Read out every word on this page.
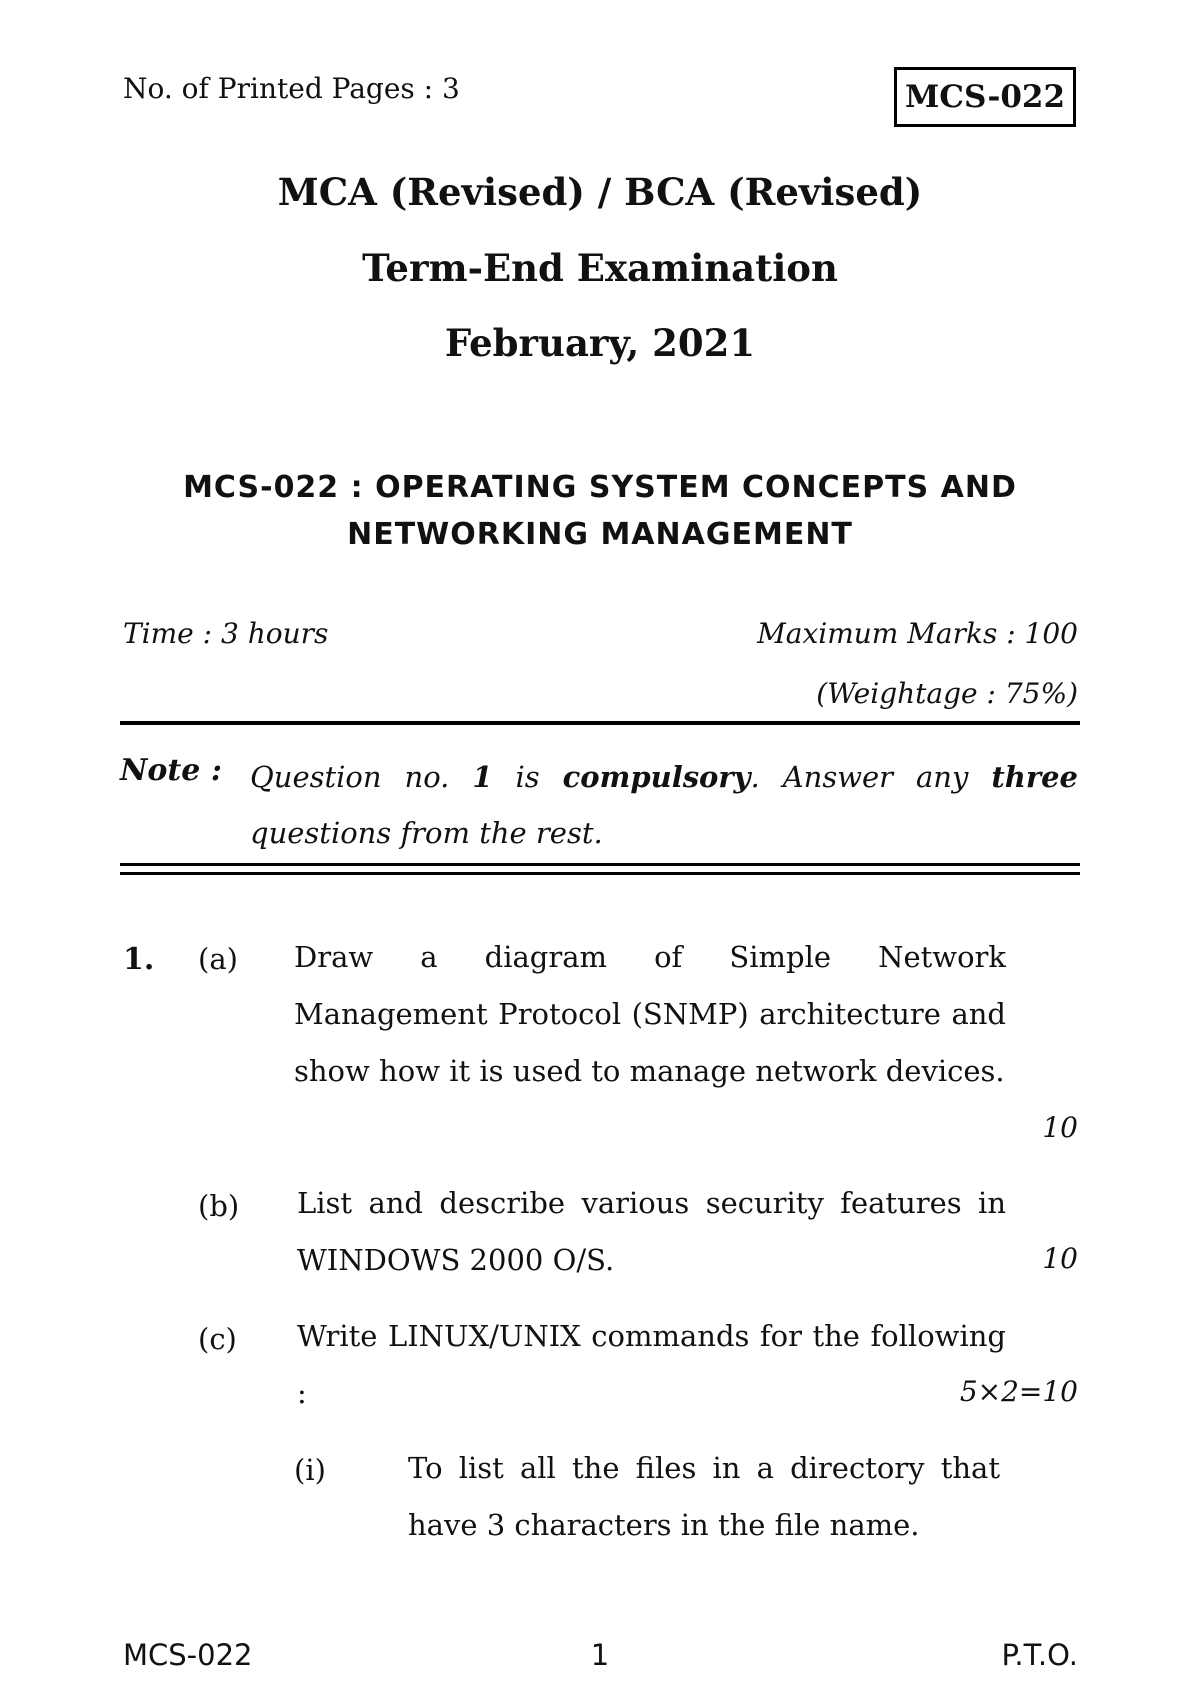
No. of Printed Pages : 3	MCS-022
MCA (Revised) / BCA (Revised)
Term-End Examination
February, 2021
MCS-022 : OPERATING SYSTEM CONCEPTS AND NETWORKING MANAGEMENT
Time : 3 hours	Maximum Marks : 100
(Weightage : 75%)
Note : Question no. 1 is compulsory. Answer any three questions from the rest.
1. (a) Draw a diagram of Simple Network Management Protocol (SNMP) architecture and show how it is used to manage network devices.
10
(b) List and describe various security features in WINDOWS 2000 O/S.	10
(c) Write LINUX/UNIX commands for the following :	5×2=10
(i)	To list all the files in a directory that have 3 characters in the file name.
MCS-022	1	P.T.O.
